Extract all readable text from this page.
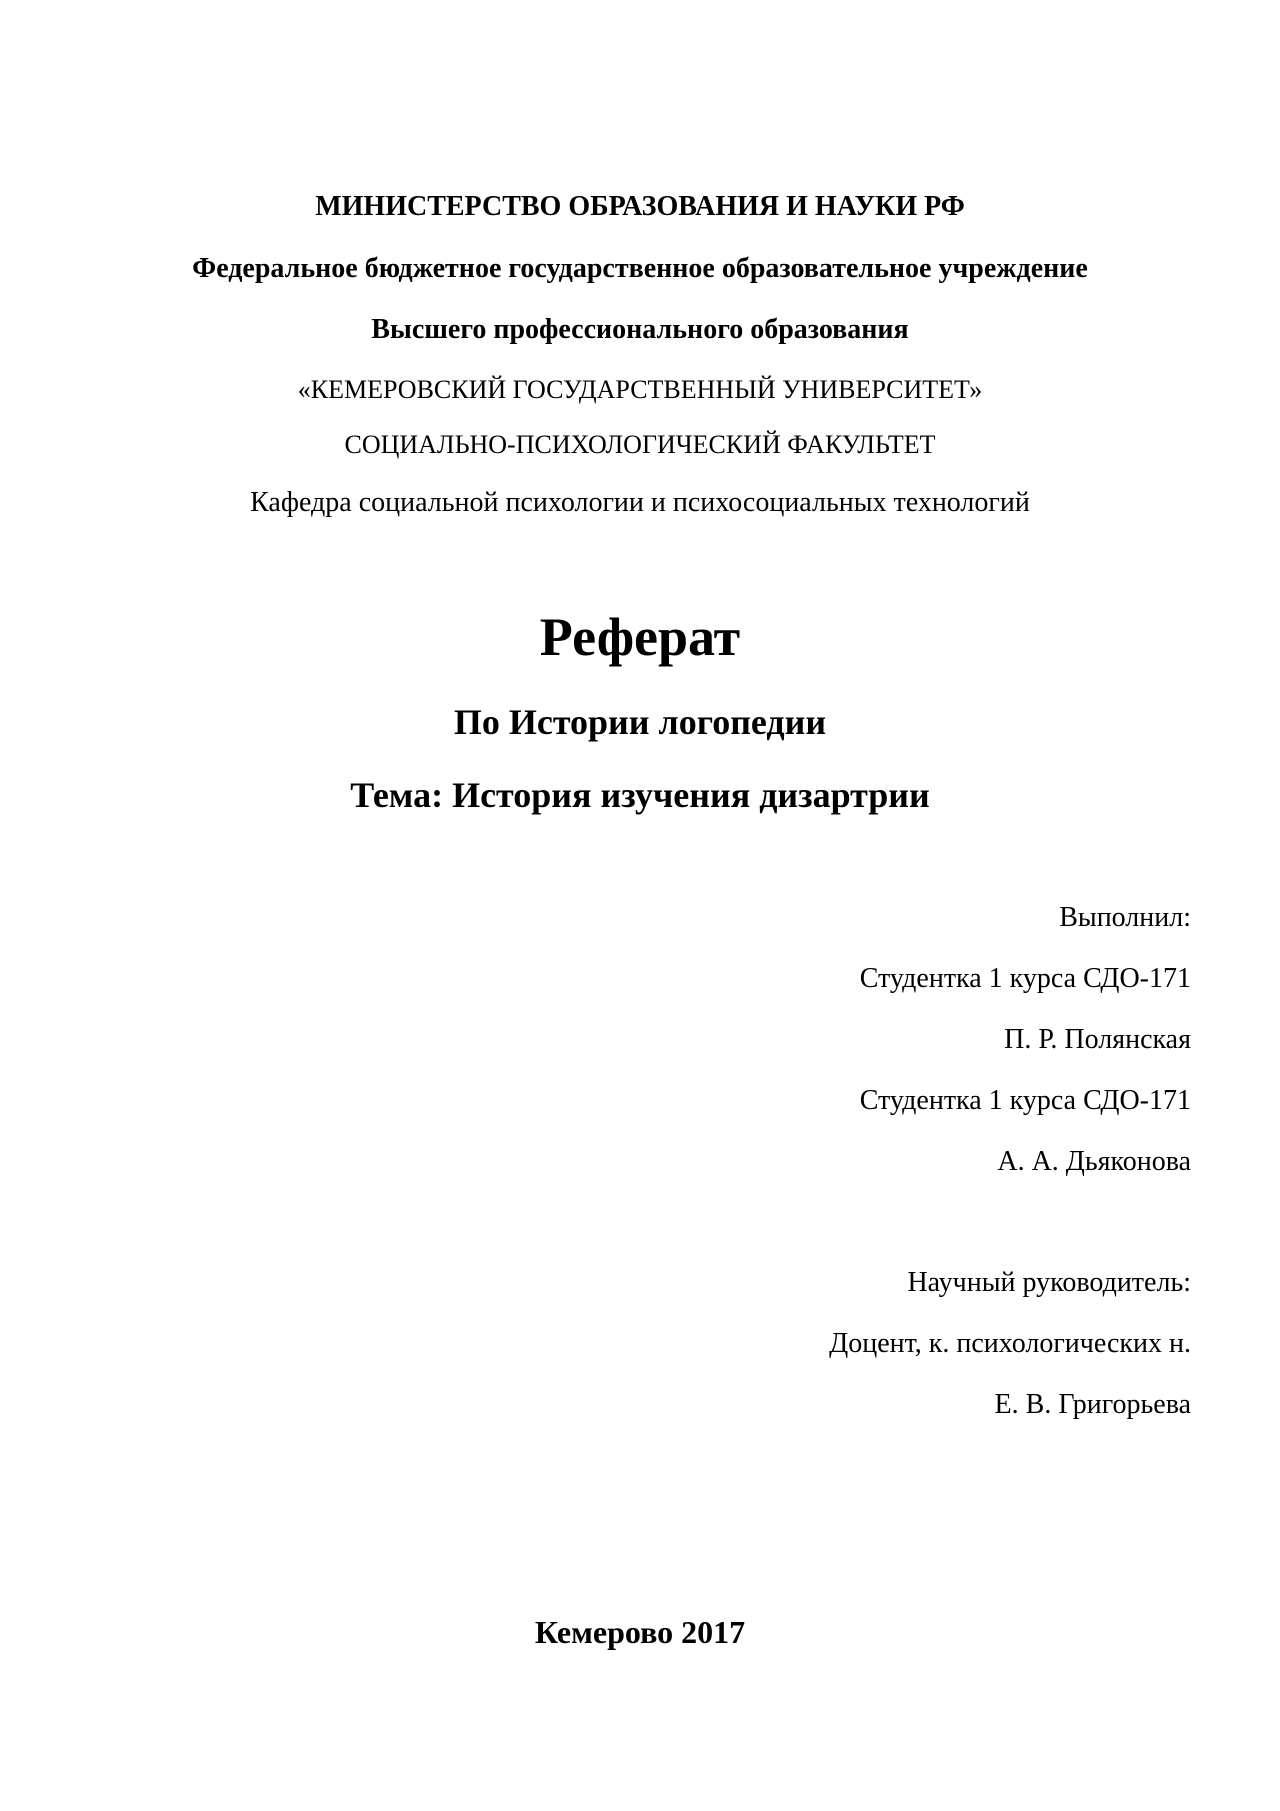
МИНИСТЕРСТВО ОБРАЗОВАНИЯ И НАУКИ РФ
Федеральное бюджетное государственное образовательное учреждение
Высшего профессионального образования
«КЕМЕРОВСКИЙ ГОСУДАРСТВЕННЫЙ УНИВЕРСИТЕТ»
СОЦИАЛЬНО-ПСИХОЛОГИЧЕСКИЙ ФАКУЛЬТЕТ
Кафедра социальной психологии и психосоциальных технологий
Реферат
По Истории логопедии
Тема: История изучения дизартрии
Выполнил:
Студентка 1 курса СДО-171
П. Р. Полянская
Студентка 1 курса СДО-171
А. А. Дьяконова
Научный руководитель:
Доцент, к. психологических н.
Е. В. Григорьева
Кемерово 2017
